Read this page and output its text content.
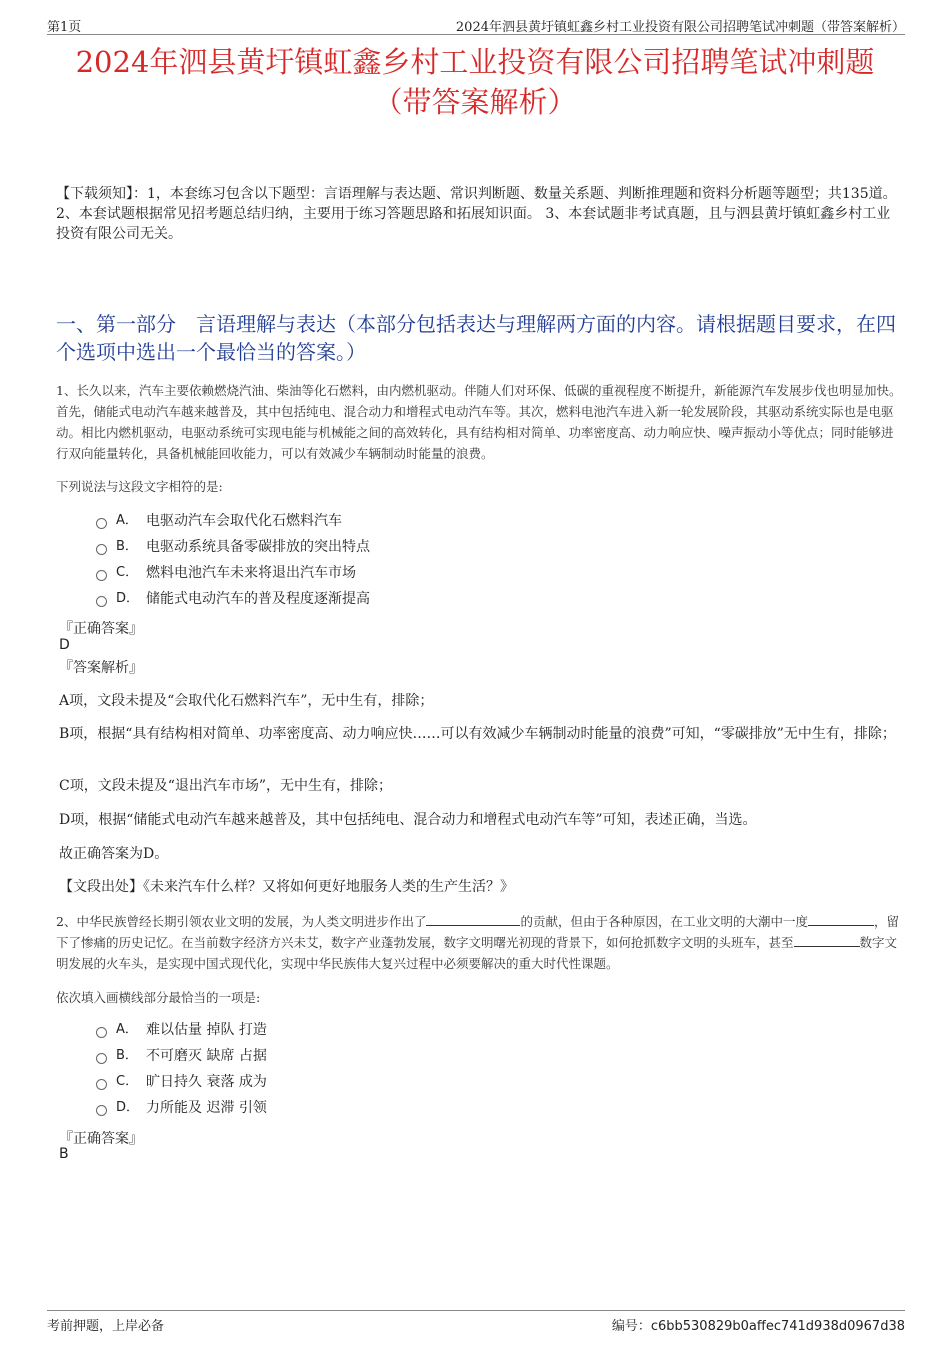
第1页	2024年泗县黄圩镇虹鑫乡村工业投资有限公司招聘笔试冲刺题（带答案解析）
2024年泗县黄圩镇虹鑫乡村工业投资有限公司招聘笔试冲刺题
（带答案解析）
【下载须知】：1，本套练习包含以下题型：言语理解与表达题、常识判断题、数量关系题、判断推理题和资料分析题等题型；共135道。 2、本套试题根据常见招考题总结归纳，主要用于练习答题思路和拓展知识面。 3、本套试题非考试真题，且与泗县黄圩镇虹鑫乡村工业投资有限公司无关。
一、第一部分　言语理解与表达（本部分包括表达与理解两方面的内容。请根据题目要求，在四个选项中选出一个最恰当的答案。）
1、长久以来，汽车主要依赖燃烧汽油、柴油等化石燃料，由内燃机驱动。伴随人们对环保、低碳的重视程度不断提升，新能源汽车发展步伐也明显加快。首先，储能式电动汽车越来越普及，其中包括纯电、混合动力和增程式电动汽车等。其次，燃料电池汽车进入新一轮发展阶段，其驱动系统实际也是电驱动。相比内燃机驱动，电驱动系统可实现电能与机械能之间的高效转化，具有结构相对简单、功率密度高、动力响应快、噪声振动小等优点；同时能够进行双向能量转化，具备机械能回收能力，可以有效减少车辆制动时能量的浪费。
下列说法与这段文字相符的是:
A． 电驱动汽车会取代化石燃料汽车
B． 电驱动系统具备零碳排放的突出特点
C． 燃料电池汽车未来将退出汽车市场
D． 储能式电动汽车的普及程度逐渐提高
『正确答案』
D
『答案解析』
A项，文段未提及“会取代化石燃料汽车”，无中生有，排除；
B项，根据“具有结构相对简单、功率密度高、动力响应快……可以有效减少车辆制动时能量的浪费”可知，“零碳排放”无中生有，排除；
C项，文段未提及“退出汽车市场”，无中生有，排除；
D项，根据“储能式电动汽车越来越普及，其中包括纯电、混合动力和增程式电动汽车等”可知，表述正确，当选。
故正确答案为D。
【文段出处】《未来汽车什么样？又将如何更好地服务人类的生产生活？》
2、中华民族曾经长期引领农业文明的发展，为人类文明进步作出了	的贡献，但由于各种原因，在工业文明的大潮中一度	，留下了惨痛的历史记忆。在当前数字经济方兴未艾，数字产业蓬勃发展，数字文明曙光初现的背景下，如何抢抓数字文明的头班车，甚至	数字文明发展的火车头，是实现中国式现代化，实现中华民族伟大复兴过程中必须要解决的重大时代性课题。
依次填入画横线部分最恰当的一项是:
A． 难以估量 掉队 打造
B． 不可磨灭 缺席 占据
C． 旷日持久 衰落 成为
D． 力所能及 迟滞 引领
『正确答案』
B
考前押题，上岸必备	编号：c6bb530829b0affec741d938d0967d38
